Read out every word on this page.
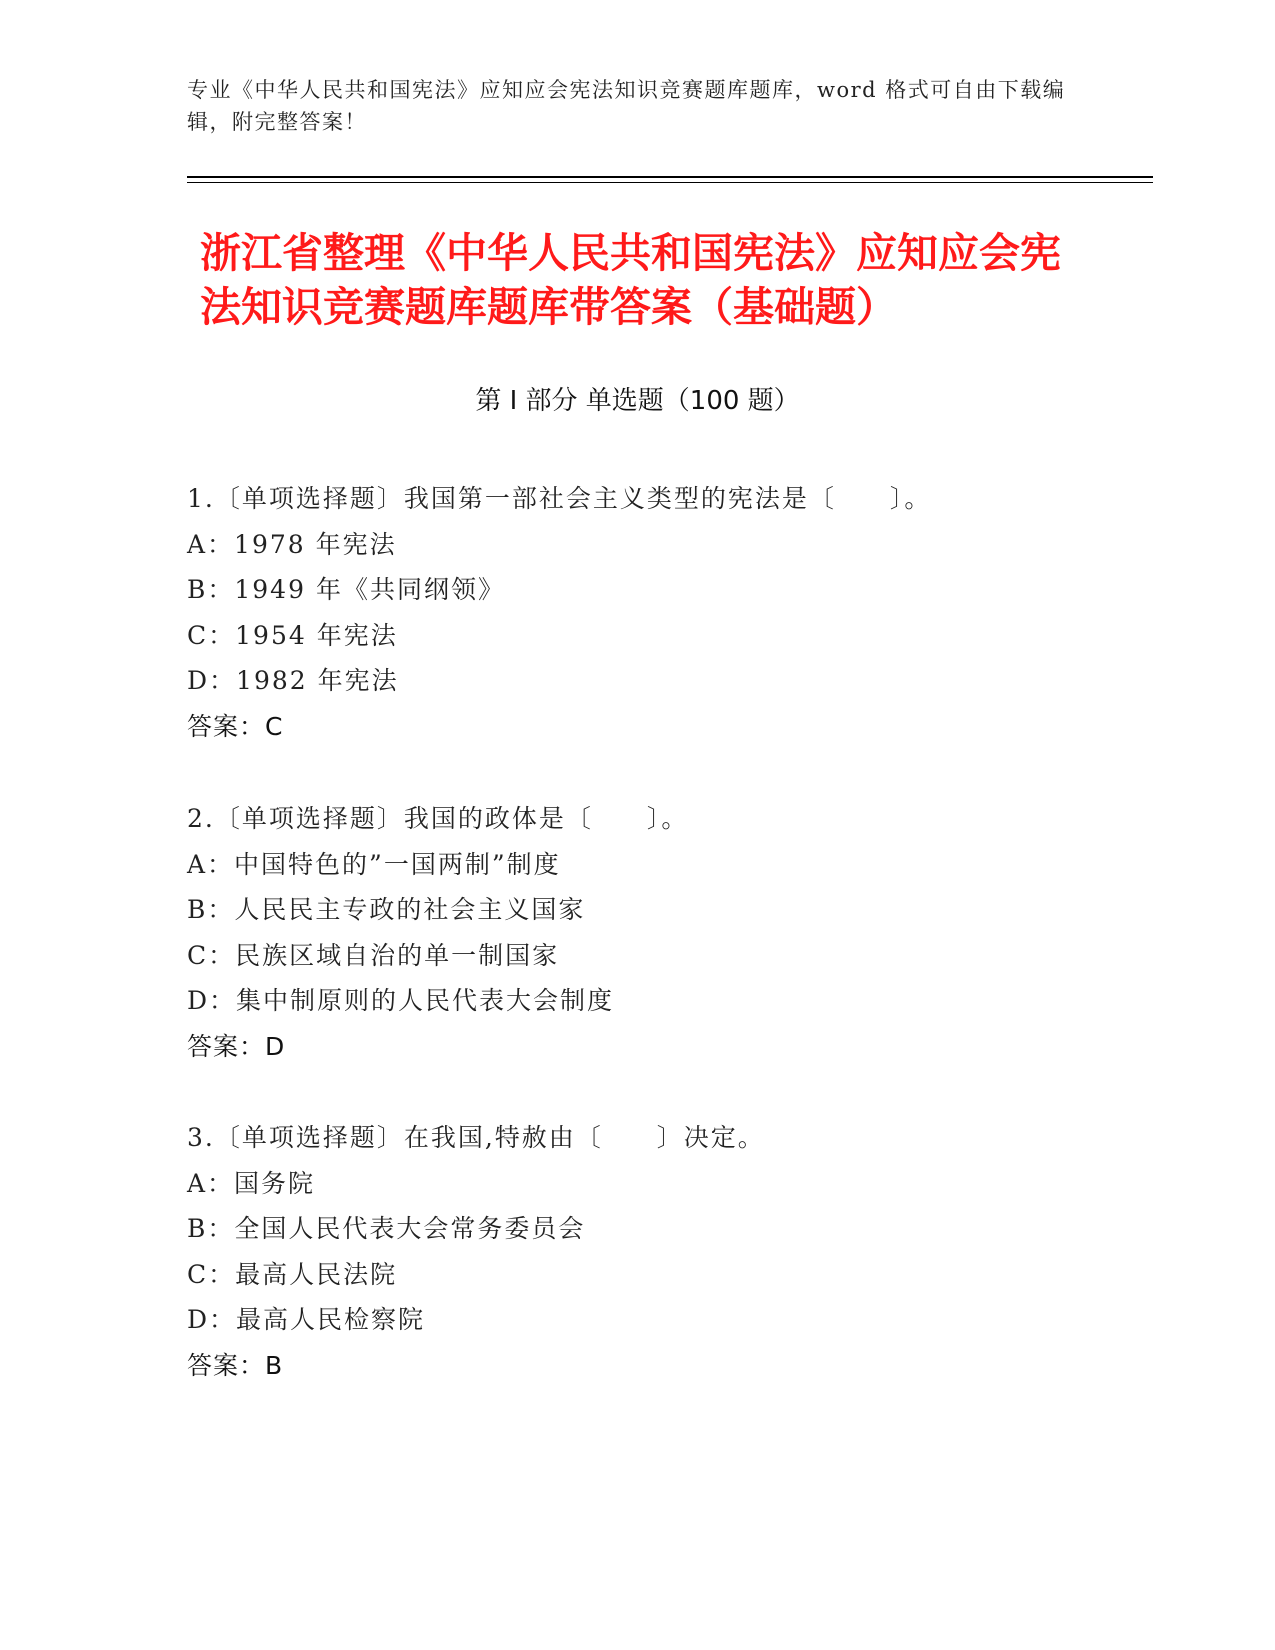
专业《中华人民共和国宪法》应知应会宪法知识竞赛题库题库，word 格式可自由下载编辑，附完整答案！
浙江省整理《中华人民共和国宪法》应知应会宪法知识竞赛题库题库带答案（基础题）
第 I 部分 单选题（100 题）
1.〔单项选择题〕我国第一部社会主义类型的宪法是〔　　〕。
A：1978 年宪法
B：1949 年《共同纲领》
C：1954 年宪法
D：1982 年宪法
答案：C
2.〔单项选择题〕我国的政体是〔　　〕。
A：中国特色的”一国两制”制度
B：人民民主专政的社会主义国家
C：民族区域自治的单一制国家
D：集中制原则的人民代表大会制度
答案：D
3.〔单项选择题〕在我国,特赦由〔　　〕决定。
A：国务院
B：全国人民代表大会常务委员会
C：最高人民法院
D：最高人民检察院
答案：B
